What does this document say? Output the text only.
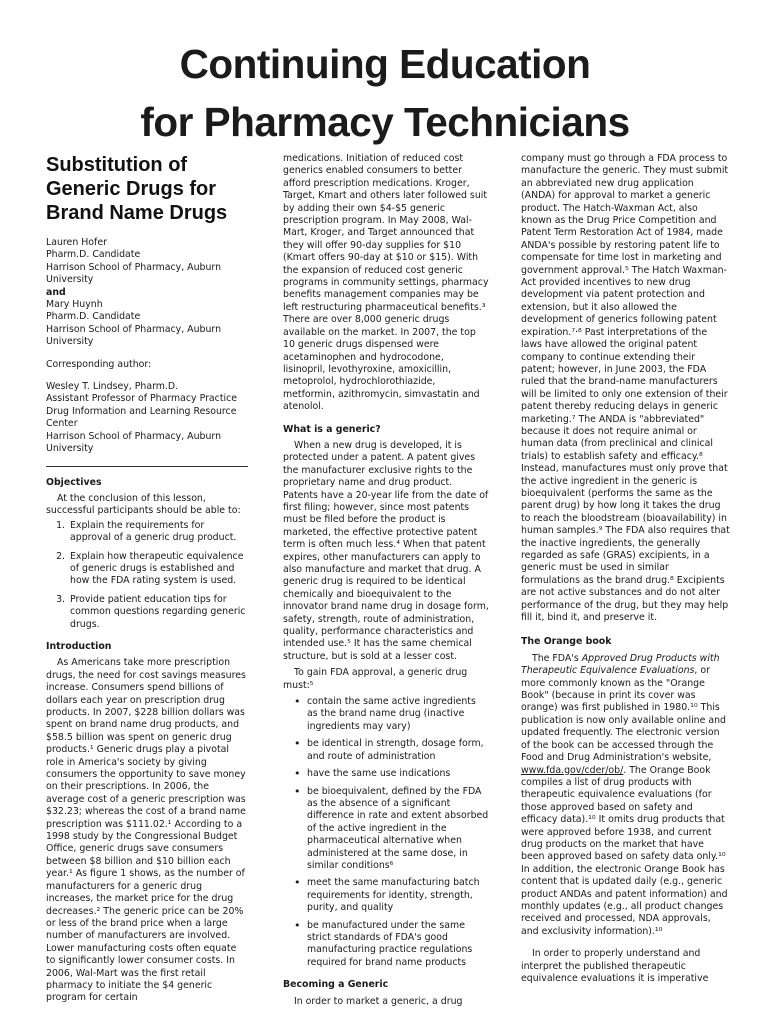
Continuing Education
for Pharmacy Technicians
Substitution of Generic Drugs for Brand Name Drugs

Lauren Hofer
Pharm.D. Candidate
Harrison School of Pharmacy, Auburn University

and

Mary Huynh
Pharm.D. Candidate
Harrison School of Pharmacy, Auburn University

Corresponding author:

Wesley T. Lindsey, Pharm.D.
Assistant Professor of Pharmacy Practice
Drug Information and Learning Resource Center
Harrison School of Pharmacy, Auburn University

Objectives

At the conclusion of this lesson, successful participants should be able to:

1. Explain the requirements for approval of a generic drug product.
2. Explain how therapeutic equivalence of generic drugs is established and how the FDA rating system is used.
3. Provide patient education tips for common questions regarding generic drugs.
Introduction

As Americans take more prescription drugs, the need for cost savings measures increase. Consumers spend billions of dollars each year on prescription drug products. In 2007, $228 billion dollars was spent on brand name drug products, and $58.5 billion was spent on generic drug products.¹ Generic drugs play a pivotal role in America's society by giving consumers the opportunity to save money on their prescriptions. In 2006, the average cost of a generic prescription was $32.23; whereas the cost of a brand name prescription was $111.02.¹ According to a 1998 study by the Congressional Budget Office, generic drugs save consumers between $8 billion and $10 billion each year.¹ As figure 1 shows, as the number of manufacturers for a generic drug increases, the market price for the drug decreases.² The generic price can be 20% or less of the brand price when a large number of manufacturers are involved. Lower manufacturing costs often equate to significantly lower consumer costs. In 2006, Wal-Mart was the first retail pharmacy to initiate the $4 generic program for certain

medications. Initiation of reduced cost generics enabled consumers to better afford prescription medications. Kroger, Target, Kmart and others later followed suit by adding their own $4-$5 generic prescription program. In May 2008, Wal-Mart, Kroger, and Target announced that they will offer 90-day supplies for $10 (Kmart offers 90-day at $10 or $15). With the expansion of reduced cost generic programs in community settings, pharmacy benefits management companies may be left restructuring pharmaceutical benefits.³ There are over 8,000 generic drugs available on the market. In 2007, the top 10 generic drugs dispensed were acetaminophen and hydrocodone, lisinopril, levothyroxine, amoxicillin, metoprolol, hydrochlorothiazide, metformin, azithromycin, simvastatin and atenolol.

What is a generic?

When a new drug is developed, it is protected under a patent. A patent gives the manufacturer exclusive rights to the proprietary name and drug product. Patents have a 20-year life from the date of first filing; however, since most patents must be filed before the product is marketed, the effective protective patent term is often much less.⁴ When that patent expires, other manufacturers can apply to also manufacture and market that drug. A generic drug is required to be identical chemically and bioequivalent to the innovator brand name drug in dosage form, safety, strength, route of administration, quality, performance characteristics and intended use.⁵ It has the same chemical structure, but is sold at a lesser cost.

To gain FDA approval, a generic drug must:⁵

• contain the same active ingredients as the brand name drug (inactive ingredients may vary)
• be identical in strength, dosage form, and route of administration
• have the same use indications
• be bioequivalent, defined by the FDA as the absence of a significant difference in rate and extent absorbed of the active ingredient in the pharmaceutical alternative when administered at the same dose, in similar conditions⁶
• meet the same manufacturing batch requirements for identity, strength, purity, and quality
• be manufactured under the same strict standards of FDA's good manufacturing practice regulations required for brand name products
Becoming a Generic

In order to market a generic, a drug

company must go through a FDA process to manufacture the generic. They must submit an abbreviated new drug application (ANDA) for approval to market a generic product. The Hatch-Waxman Act, also known as the Drug Price Competition and Patent Term Restoration Act of 1984, made ANDA's possible by restoring patent life to compensate for time lost in marketing and government approval.⁵ The Hatch Waxman-Act provided incentives to new drug development via patent protection and extension, but it also allowed the development of generics following patent expiration.⁷·⁸ Past interpretations of the laws have allowed the original patent company to continue extending their patent; however, in June 2003, the FDA ruled that the brand-name manufacturers will be limited to only one extension of their patent thereby reducing delays in generic marketing.⁷ The ANDA is "abbreviated" because it does not require animal or human data (from preclinical and clinical trials) to establish safety and efficacy.⁸ Instead, manufactures must only prove that the active ingredient in the generic is bioequivalent (performs the same as the parent drug) by how long it takes the drug to reach the bloodstream (bioavailability) in human samples.⁹ The FDA also requires that the inactive ingredients, the generally regarded as safe (GRAS) excipients, in a generic must be used in similar formulations as the brand drug.⁸ Excipients are not active substances and do not alter performance of the drug, but they may help fill it, bind it, and preserve it.

The Orange book

The FDA's Approved Drug Products with Therapeutic Equivalence Evaluations, or more commonly known as the "Orange Book" (because in print its cover was orange) was first published in 1980.¹⁰ This publication is now only available online and updated frequently. The electronic version of the book can be accessed through the Food and Drug Administration's website, www.fda.gov/cder/ob/. The Orange Book compiles a list of drug products with therapeutic equivalence evaluations (for those approved based on safety and efficacy data).¹⁰ It omits drug products that were approved before 1938, and current drug products on the market that have been approved based on safety data only.¹⁰ In addition, the electronic Orange Book has content that is updated daily (e.g., generic product ANDAs and patent information) and monthly updates (e.g., all product changes received and processed, NDA approvals, and exclusivity information).¹⁰

In order to properly understand and interpret the published therapeutic equivalence evaluations it is imperative
